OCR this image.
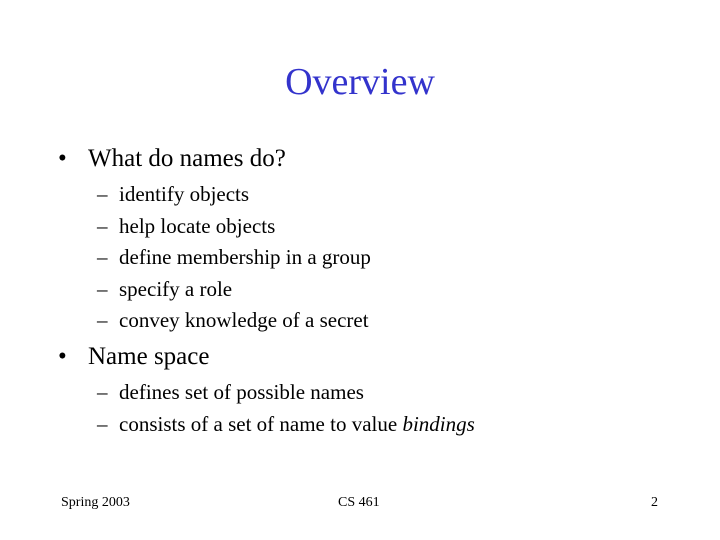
Overview
• What do names do?
– identify objects
– help locate objects
– define membership in a group
– specify a role
– convey knowledge of a secret
• Name space
– defines set of possible names
– consists of a set of name to value bindings
Spring 2003	CS 461	2
